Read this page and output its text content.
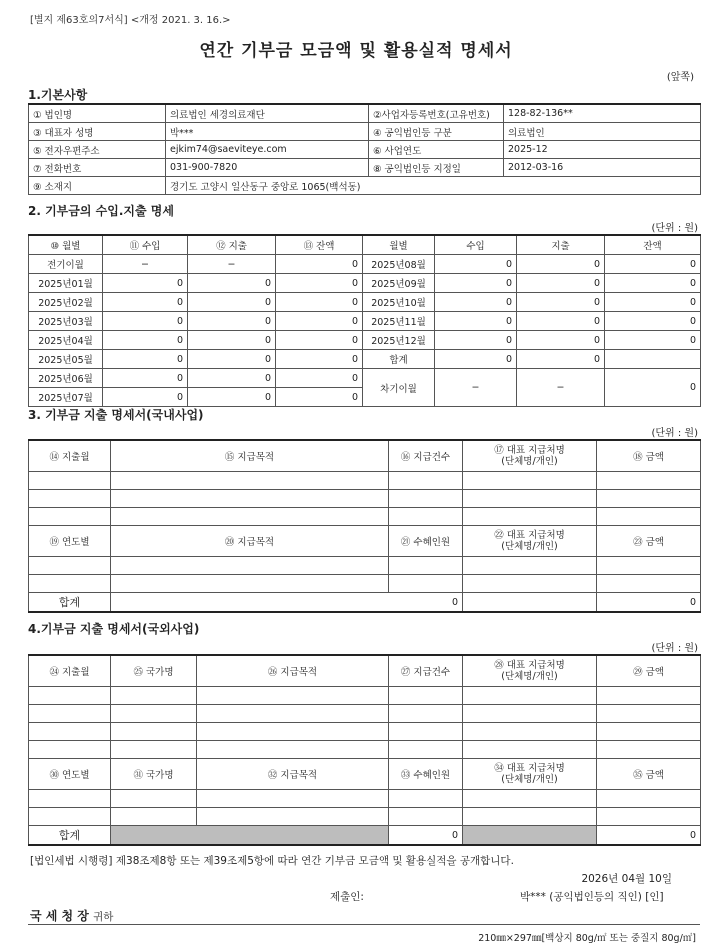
[별지 제63호의7서식] <개정 2021. 3. 16.>
연간 기부금 모금액 및 활용실적 명세서
(앞쪽)
1.기본사항
① 법인명	의료법인 세경의료재단	②사업자등록번호(고유번호)	128-82-136**
③ 대표자 성명	박***	④ 공익법인등 구분	의료법인
⑤ 전자우편주소	ejkim74@saeviteye.com	⑥ 사업연도	2025-12
⑦ 전화번호	031-900-7820	⑧ 공익법인등 지정일	2012-03-16
⑨ 소재지	경기도 고양시 일산동구 중앙로 1065(백석동)		
2. 기부금의 수입.지출 명세
(단위 : 원)
⑩ 월별	⑪ 수입	⑫ 지출	⑬ 잔액	월별	수입	지출	잔액
전기이월	−	−	0	2025년08월	0	0	0
2025년01월	0	0	0	2025년09월	0	0	0
2025년02월	0	0	0	2025년10월	0	0	0
2025년03월	0	0	0	2025년11월	0	0	0
2025년04월	0	0	0	2025년12월	0	0	0
2025년05월	0	0	0	합계	0	0	
2025년06월	0	0	0	차기이월	−	−	0
2025년07월	0	0	0				
3. 기부금 지출 명세서(국내사업)
(단위 : 원)
⑭ 지출월	⑮ 지급목적	⑯ 지급건수	⑰ 대표 지급처명
(단체명/개인)	⑱ 금액

⑲ 연도별	⑳ 지급목적	㉑ 수혜인원	㉒ 대표 지급처명
(단체명/개인)	㉓ 금액

합계	0			0
4.기부금 지출 명세서(국외사업)
(단위 : 원)
㉔ 지출월	㉕ 국가명	㉖ 지급목적	㉗ 지급건수	㉘ 대표 지급처명
(단체명/개인)	㉙ 금액

㉚ 연도별	㉛ 국가명	㉜ 지급목적	㉝ 수혜인원	㉞ 대표 지급처명
(단체명/개인)	㉟ 금액

합계			0		0
[법인세법 시행령] 제38조제8항 또는 제39조제5항에 따라 연간 기부금 모금액 및 활용실적을 공개합니다.
2026년 04월 10일
제출인:	박*** (공익법인등의 직인) [인]
국 세 청 장 귀하
210㎜×297㎜[백상지 80g/㎡ 또는 중질지 80g/㎡]
